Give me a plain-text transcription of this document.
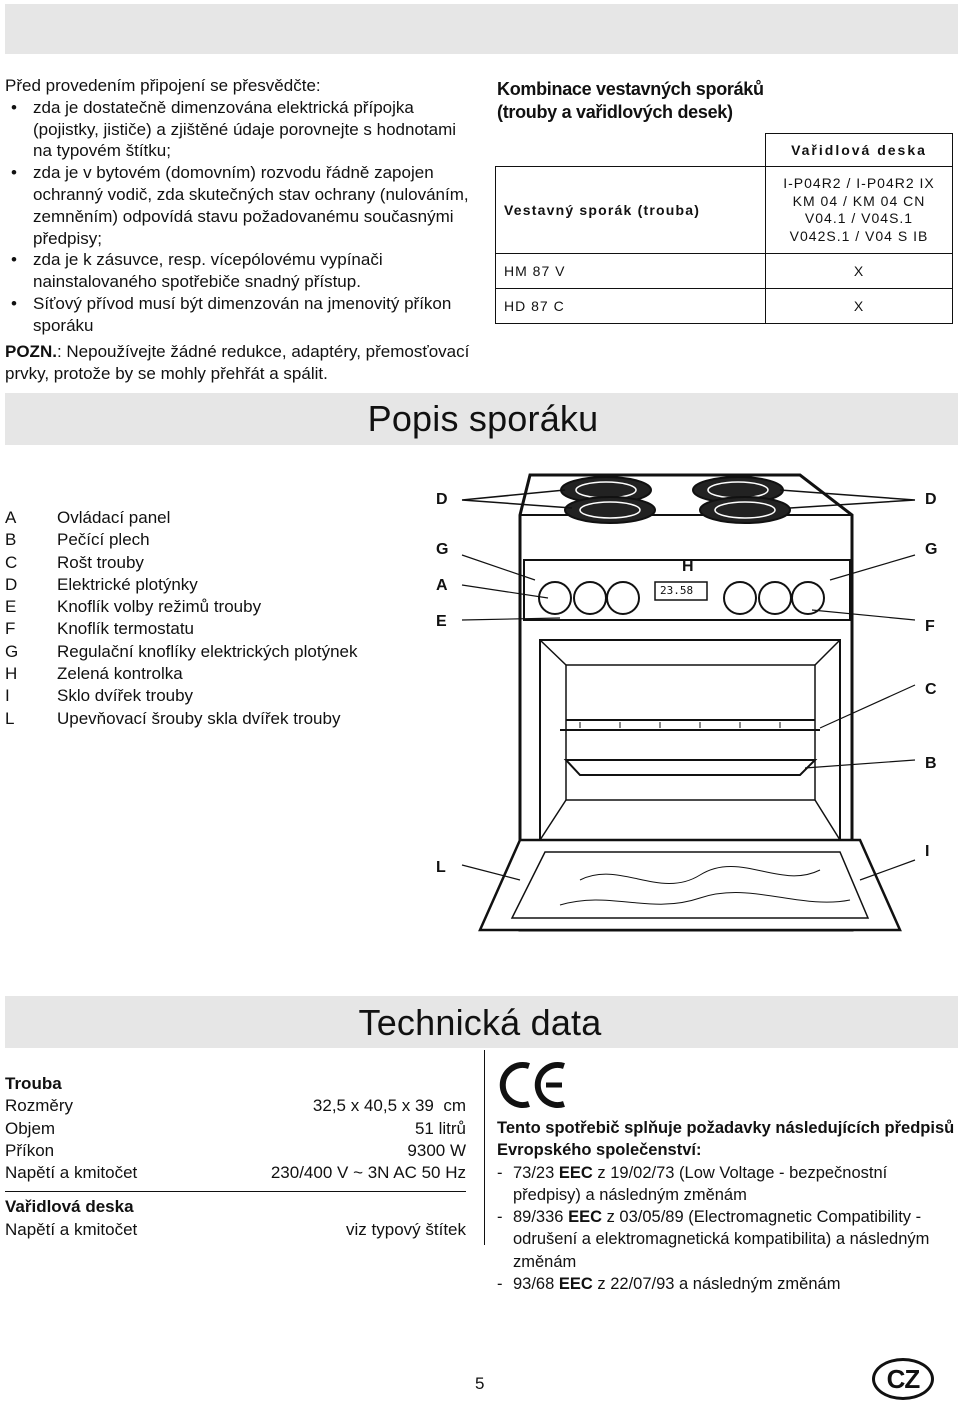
Před provedením připojení se přesvědčte:
• zda je dostatečně dimenzována elektrická přípojka (pojistky, jističe) a zjištěné údaje porovnejte s hodnotami na typovém štítku;
• zda je v bytovém (domovním) rozvodu řádně zapojen ochranný vodič, zda skutečných stav ochrany (nulováním, zemněním) odpovídá stavu požadovanému současnými předpisy;
• zda je k zásuvce, resp. vícepólovému vypínači nainstalovaného spotřebiče snadný přístup.
• Síťový přívod musí být dimenzován na jmenovitý příkon sporáku
POZN.: Nepoužívejte žádné redukce, adaptéry, přemosťovací prvky, protože by se mohly přehřát a spálit.
Kombinace vestavných sporáků (trouby a vařidlových desek)
	Vařidlová deska
Vestavný sporák (trouba)	I-P04R2 / I-P04R2 IX KM 04 / KM 04 CN V04.1 / V04S.1 V042S.1 / V04 S IB
HM 87 V	X
HD 87 C	X
Popis sporáku
A	Ovládací panel
B	Pečící plech
C	Rošt trouby
D	Elektrické plotýnky
E	Knoflík volby režimů trouby
F	Knoflík termostatu
G	Regulační knoflíky elektrických plotýnek
H	Zelená kontrolka
I	Sklo dvířek trouby
L	Upevňovací šrouby skla dvířek trouby
23.58
D	D
G	G
H
A
E	F
C
B
I
L
Technická data
Trouba
Rozměry	32,5 x 40,5 x 39  cm
Objem	51 litrů
Příkon	9300 W
Napětí a kmitočet	230/400 V ~ 3N AC 50 Hz
Vařidlová deska
Napětí a kmitočet	viz typový štítek
Tento spotřebič splňuje požadavky následujících předpisů Evropského společenství:
- 73/23 EEC z 19/02/73 (Low Voltage - bezpečnostní předpisy) a následným změnám
- 89/336 EEC z 03/05/89 (Electromagnetic Compatibility - odrušení a elektromagnetická kompatibilita) a následným změnám
- 93/68 EEC z 22/07/93 a následným změnám
5	CZ
